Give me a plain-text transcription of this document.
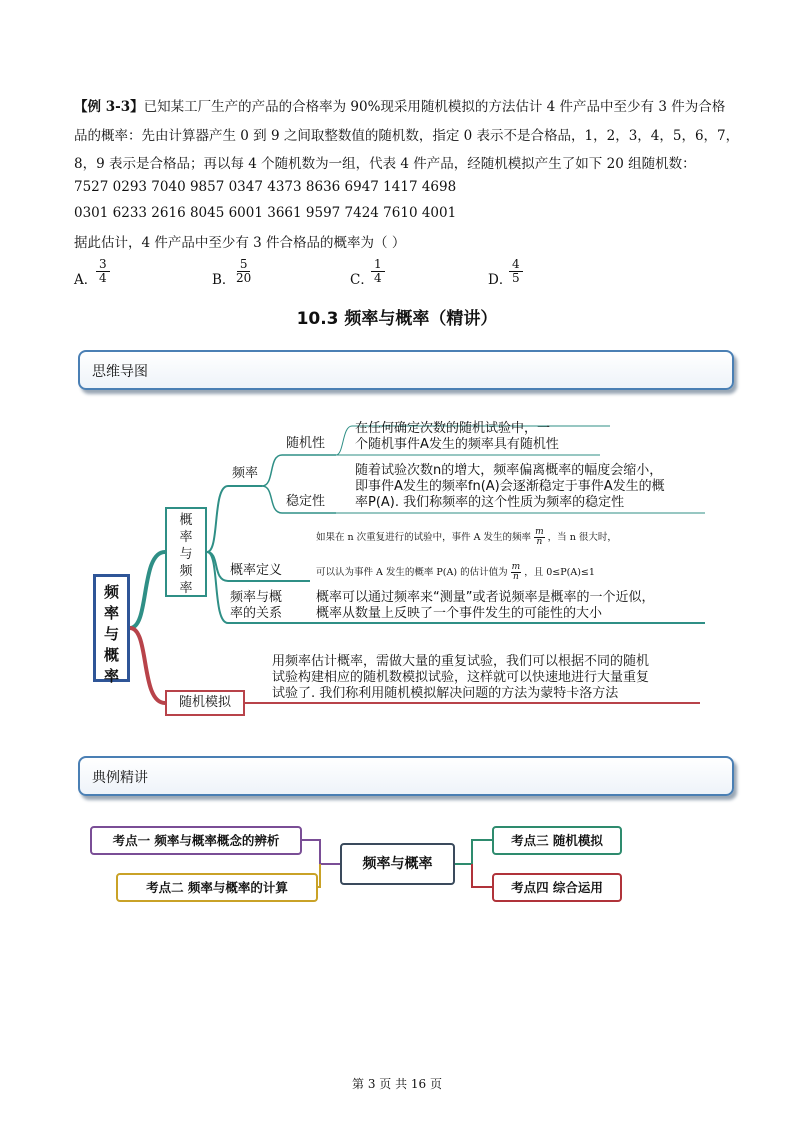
【例 3-3】已知某工厂生产的产品的合格率为 90%现采用随机模拟的方法估计 4 件产品中至少有 3 件为合格
品的概率：先由计算器产生 0 到 9 之间取整数值的随机数，指定 0 表示不是合格品，1，2，3，4，5，6，7，
8，9 表示是合格品；再以每 4 个随机数为一组，代表 4 件产品，经随机模拟产生了如下 20 组随机数：
7527 0293 7040 9857 0347 4373 8636 6947 1417 4698
0301 6233 2616 8045 6001 3661 9597 7424 7610 4001
据此估计，4 件产品中至少有 3 件合格品的概率为（ ）
A．
$\frac{3}{4}$	B．
$\frac{5}{20}$	C．
$\frac{1}{4}$	D．
$\frac{4}{5}$
10.3 频率与概率（精讲）
思维导图
频
率
与
概
率
概
率
与
频
率
随机模拟
频率
随机性
稳定性
概率定义
频率与概
率的关系
在任何确定次数的随机试验中，一
个随机事件A发生的频率具有随机性
随着试验次数n的增大，频率偏离概率的幅度会缩小，
即事件A发生的频率fn(A)会逐渐稳定于事件A发生的概
率P(A). 我们称频率的这个性质为频率的稳定性
如果在 n 次重复进行的试验中，事件 A 发生的频率 $\frac{m}{n}$ ，当 n 很大时，
可以认为事件 A 发生的概率 P(A) 的估计值为 $\frac{m}{n}$ ，且 0≤P(A)≤1
概率可以通过频率来“测量”或者说频率是概率的一个近似，
概率从数量上反映了一个事件发生的可能性的大小
用频率估计概率，需做大量的重复试验，我们可以根据不同的随机
试验构建相应的随机数模拟试验，这样就可以快速地进行大量重复
试验了. 我们称利用随机模拟解决问题的方法为蒙特卡洛方法
典例精讲
考点一 频率与概率概念的辨析
考点二 频率与概率的计算
频率与概率
考点三 随机模拟
考点四 综合运用
第 3 页 共 16 页
